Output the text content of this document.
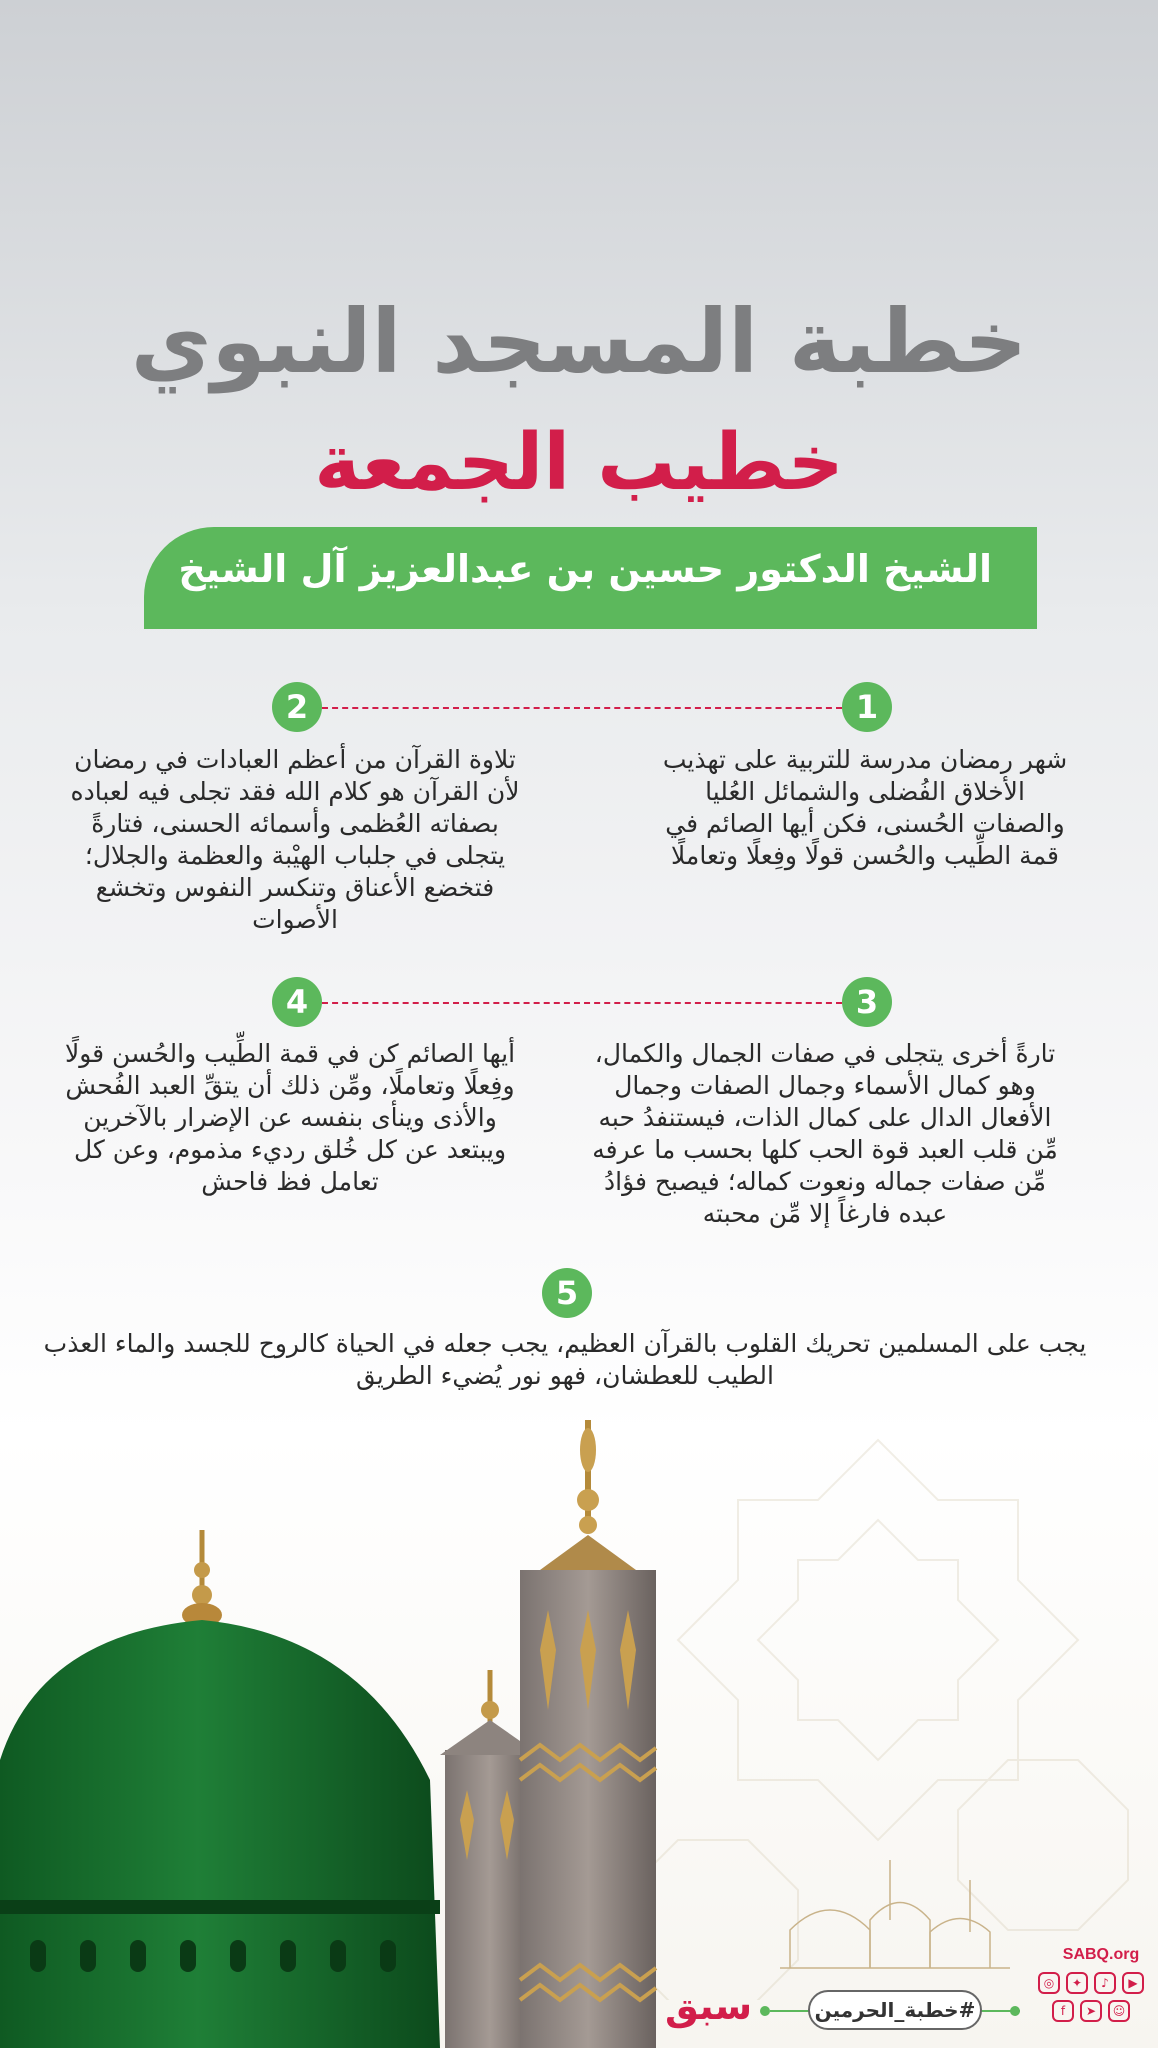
خطبة المسجد النبوي
خطيب الجمعة
الشيخ الدكتور حسين بن عبدالعزيز آل الشيخ
1
2

شهر رمضان مدرسة للتربية على تهذيب الأخلاق الفُضلى والشمائل العُليا والصفات الحُسنى، فكن أيها الصائم في قمة الطِّيب والحُسن قولًا وفِعلًا وتعاملًا

تلاوة القرآن من أعظم العبادات في رمضان لأن القرآن هو كلام الله فقد تجلى فيه لعباده بصفاته العُظمى وأسمائه الحسنى، فتارةً يتجلى في جلباب الهيْبة والعظمة والجلال؛ فتخضع الأعناق وتنكسر النفوس وتخشع الأصوات

3
4

تارةً أخرى يتجلى في صفات الجمال والكمال، وهو كمال الأسماء وجمال الصفات وجمال الأفعال الدال على كمال الذات، فيستنفدُ حبه مِّن قلب العبد قوة الحب كلها بحسب ما عرفه مِّن صفات جماله ونعوت كماله؛ فيصبح فؤادُ عبده فارغاً إلا مِّن محبته

أيها الصائم كن في قمة الطِّيب والحُسن قولًا وفِعلًا وتعاملًا، ومِّن ذلك أن يتقِّ العبد الفُحش والأذى وينأى بنفسه عن الإضرار بالآخرين ويبتعد عن كل خُلق رديء مذموم، وعن كل تعامل فظ فاحش

5

يجب على المسلمين تحريك القلوب بالقرآن العظيم، يجب جعله في الحياة كالروح للجسد والماء العذب الطيب للعطشان، فهو نور يُضيء الطريق

سبق	#خطبة_الحرمين
SABQ.org
◎	✦	♪	▶
f	➤	☺
